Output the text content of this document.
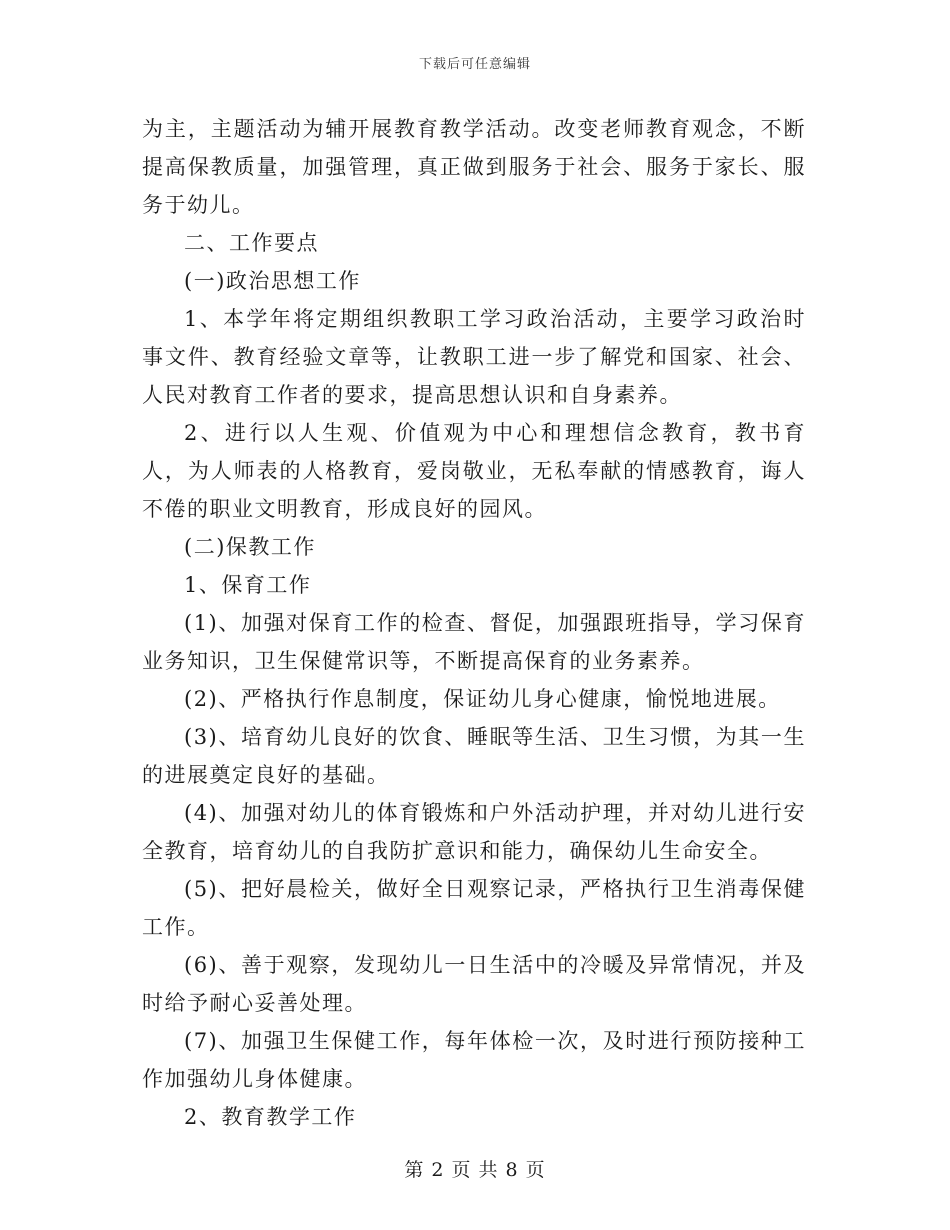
下载后可任意编辑

为主，主题活动为辅开展教育教学活动。改变老师教育观念，不断提高保教质量，加强管理，真正做到服务于社会、服务于家长、服务于幼儿。

二、工作要点

(一)政治思想工作

1、本学年将定期组织教职工学习政治活动，主要学习政治时事文件、教育经验文章等，让教职工进一步了解党和国家、社会、人民对教育工作者的要求，提高思想认识和自身素养。

2、进行以人生观、价值观为中心和理想信念教育，教书育人，为人师表的人格教育，爱岗敬业，无私奉献的情感教育，诲人不倦的职业文明教育，形成良好的园风。

(二)保教工作

1、保育工作

(1)、加强对保育工作的检查、督促，加强跟班指导，学习保育业务知识，卫生保健常识等，不断提高保育的业务素养。

(2)、严格执行作息制度，保证幼儿身心健康，愉悦地进展。

(3)、培育幼儿良好的饮食、睡眠等生活、卫生习惯，为其一生的进展奠定良好的基础。

(4)、加强对幼儿的体育锻炼和户外活动护理，并对幼儿进行安全教育，培育幼儿的自我防扩意识和能力，确保幼儿生命安全。

(5)、把好晨检关，做好全日观察记录，严格执行卫生消毒保健工作。

(6)、善于观察，发现幼儿一日生活中的冷暖及异常情况，并及时给予耐心妥善处理。

(7)、加强卫生保健工作，每年体检一次，及时进行预防接种工作加强幼儿身体健康。

2、教育教学工作

第 2 页 共 8 页
